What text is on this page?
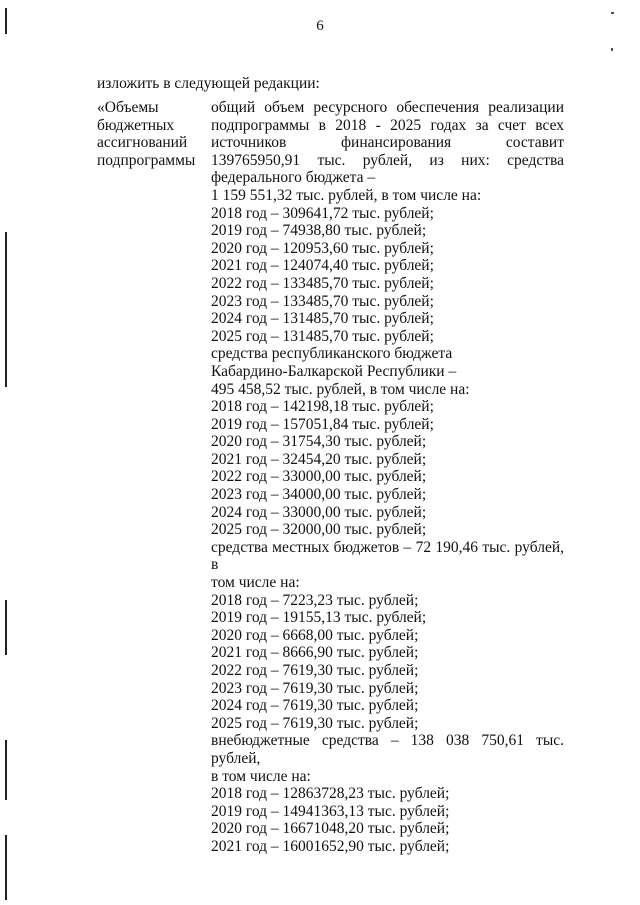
6
изложить в следующей редакции:
«Объемы
бюджетных
ассигнований
подпрограммы
общий объем ресурсного обеспечения реализации
подпрограммы в 2018 - 2025 годах за счет всех
источников финансирования составит
139765950,91 тыс. рублей, из них: средства
федерального бюджета –
1 159 551,32 тыс. рублей, в том числе на:
2018 год – 309641,72 тыс. рублей;
2019 год – 74938,80 тыс. рублей;
2020 год – 120953,60 тыс. рублей;
2021 год – 124074,40 тыс. рублей;
2022 год – 133485,70 тыс. рублей;
2023 год – 133485,70 тыс. рублей;
2024 год – 131485,70 тыс. рублей;
2025 год – 131485,70 тыс. рублей;
средства республиканского бюджета
Кабардино-Балкарской Республики –
495 458,52 тыс. рублей, в том числе на:
2018 год – 142198,18 тыс. рублей;
2019 год – 157051,84 тыс. рублей;
2020 год – 31754,30 тыс. рублей;
2021 год – 32454,20 тыс. рублей;
2022 год – 33000,00 тыс. рублей;
2023 год – 34000,00 тыс. рублей;
2024 год – 33000,00 тыс. рублей;
2025 год – 32000,00 тыс. рублей;
средства местных бюджетов – 72 190,46 тыс. рублей, в
том числе на:
2018 год – 7223,23 тыс. рублей;
2019 год – 19155,13 тыс. рублей;
2020 год – 6668,00 тыс. рублей;
2021 год – 8666,90 тыс. рублей;
2022 год – 7619,30 тыс. рублей;
2023 год – 7619,30 тыс. рублей;
2024 год – 7619,30 тыс. рублей;
2025 год – 7619,30 тыс. рублей;
внебюджетные средства – 138 038 750,61 тыс. рублей,
в том числе на:
2018 год – 12863728,23 тыс. рублей;
2019 год – 14941363,13 тыс. рублей;
2020 год – 16671048,20 тыс. рублей;
2021 год – 16001652,90 тыс. рублей;
